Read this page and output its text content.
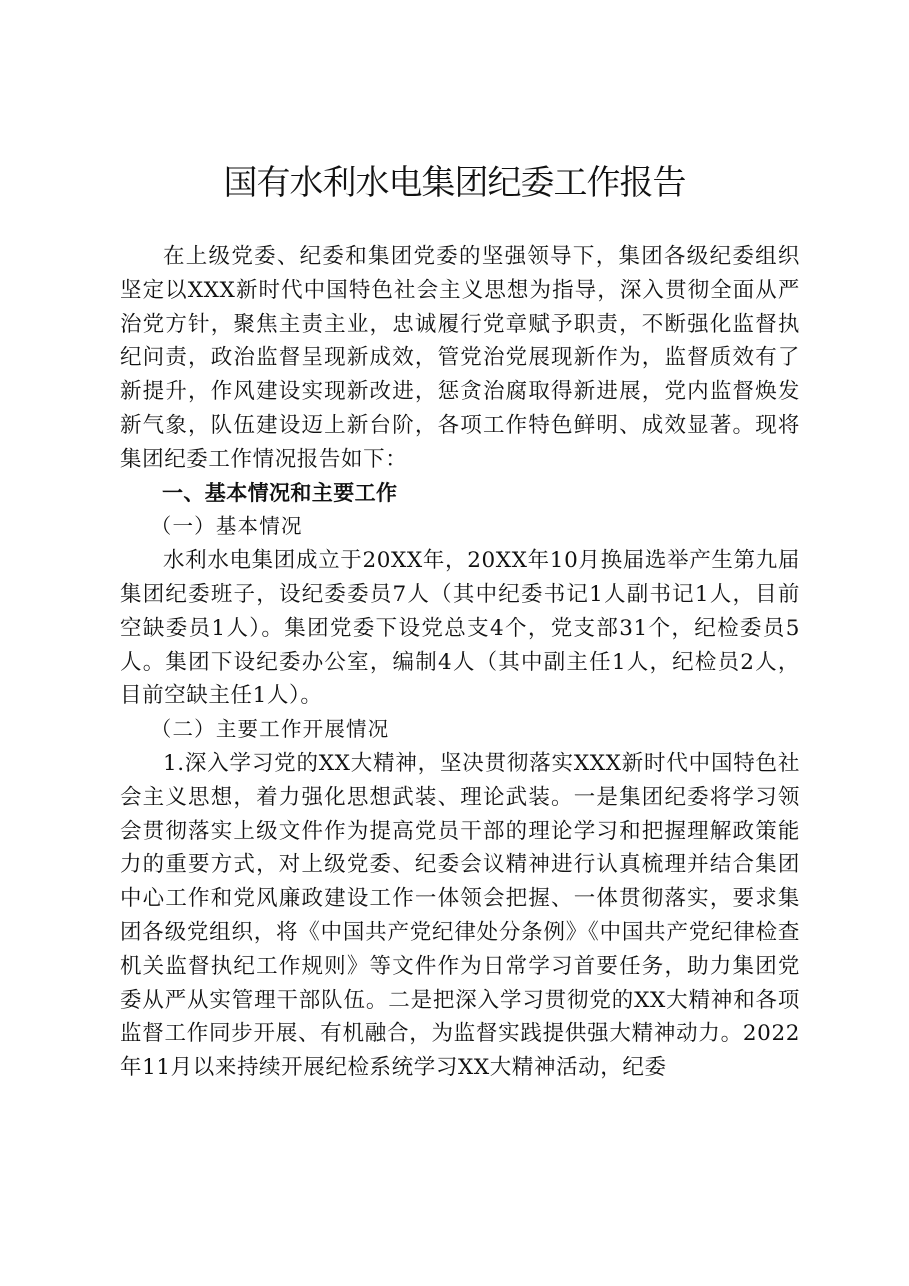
国有水利水电集团纪委工作报告

在上级党委、纪委和集团党委的坚强领导下，集团各级纪委组织坚定以XXX新时代中国特色社会主义思想为指导，深入贯彻全面从严治党方针，聚焦主责主业，忠诚履行党章赋予职责，不断强化监督执纪问责，政治监督呈现新成效，管党治党展现新作为，监督质效有了新提升，作风建设实现新改进，惩贪治腐取得新进展，党内监督焕发新气象，队伍建设迈上新台阶，各项工作特色鲜明、成效显著。现将集团纪委工作情况报告如下：

一、基本情况和主要工作

（一）基本情况

水利水电集团成立于20XX年，20XX年10月换届选举产生第九届集团纪委班子，设纪委委员7人（其中纪委书记1人副书记1人，目前空缺委员1人）。集团党委下设党总支4个，党支部31个，纪检委员5人。集团下设纪委办公室，编制4人（其中副主任1人，纪检员2人，目前空缺主任1人）。

（二）主要工作开展情况

1.深入学习党的XX大精神，坚决贯彻落实XXX新时代中国特色社会主义思想，着力强化思想武装、理论武装。一是集团纪委将学习领会贯彻落实上级文件作为提高党员干部的理论学习和把握理解政策能力的重要方式，对上级党委、纪委会议精神进行认真梳理并结合集团中心工作和党风廉政建设工作一体领会把握、一体贯彻落实，要求集团各级党组织，将《中国共产党纪律处分条例》《中国共产党纪律检查机关监督执纪工作规则》等文件作为日常学习首要任务，助力集团党委从严从实管理干部队伍。二是把深入学习贯彻党的XX大精神和各项监督工作同步开展、有机融合，为监督实践提供强大精神动力。2022年11月以来持续开展纪检系统学习XX大精神活动，纪委
